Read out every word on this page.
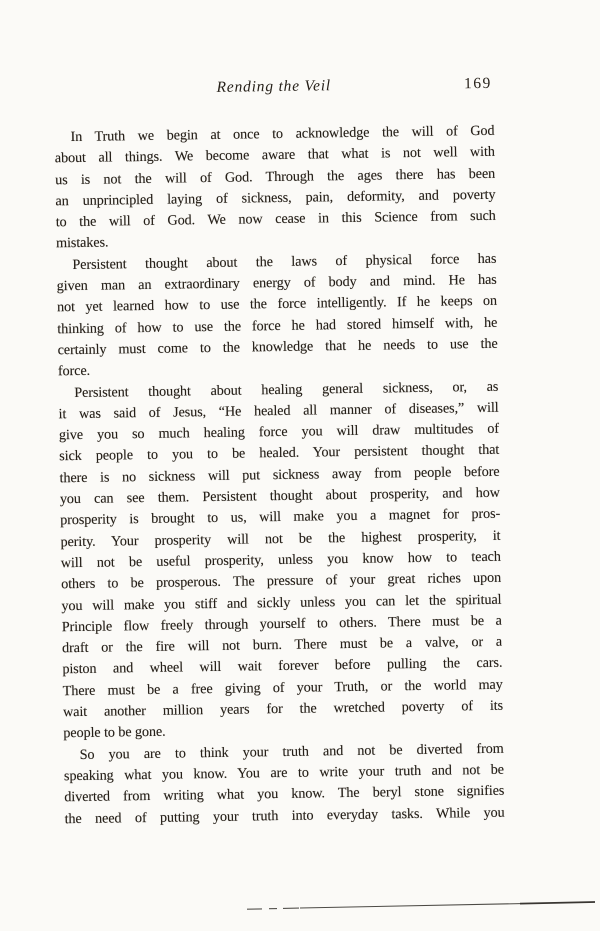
Rending the Veil	169
In Truth we begin at once to acknowledge the will of God
about all things. We become aware that what is not well with
us is not the will of God. Through the ages there has been
an unprincipled laying of sickness, pain, deformity, and poverty
to the will of God. We now cease in this Science from such
mistakes.
Persistent thought about the laws of physical force has
given man an extraordinary energy of body and mind. He has
not yet learned how to use the force intelligently. If he keeps on
thinking of how to use the force he had stored himself with, he
certainly must come to the knowledge that he needs to use the
force.
Persistent thought about healing general sickness, or, as
it was said of Jesus, “He healed all manner of diseases,” will
give you so much healing force you will draw multitudes of
sick people to you to be healed. Your persistent thought that
there is no sickness will put sickness away from people before
you can see them. Persistent thought about prosperity, and how
prosperity is brought to us, will make you a magnet for pros-
perity. Your prosperity will not be the highest prosperity, it
will not be useful prosperity, unless you know how to teach
others to be prosperous. The pressure of your great riches upon
you will make you stiff and sickly unless you can let the spiritual
Principle flow freely through yourself to others. There must be a
draft or the fire will not burn. There must be a valve, or a
piston and wheel will wait forever before pulling the cars.
There must be a free giving of your Truth, or the world may
wait another million years for the wretched poverty of its
people to be gone.
So you are to think your truth and not be diverted from
speaking what you know. You are to write your truth and not be
diverted from writing what you know. The beryl stone signifies
the need of putting your truth into everyday tasks. While you
